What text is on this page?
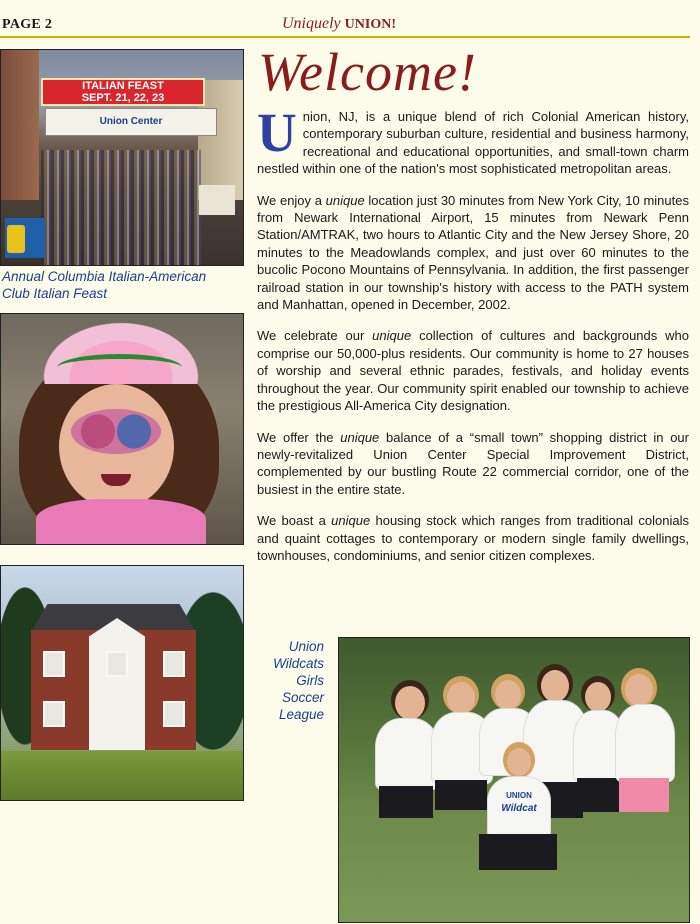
PAGE 2	Uniquely UNION!
Welcome!
ITALIAN FEAST
SEPT. 21, 22, 23
Union Center
Annual Columbia Italian-American
Club Italian Feast

Union, NJ, is a unique blend of rich Colonial American history, contemporary suburban culture, residential and business harmony, recreational and educational opportunities, and small-town charm nestled within one of the nation's most sophisticated metropolitan areas.

We enjoy a unique location just 30 minutes from New York City, 10 minutes from Newark International Airport, 15 minutes from Newark Penn Station/AMTRAK, two hours to Atlantic City and the New Jersey Shore, 20 minutes to the Meadowlands complex, and just over 60 minutes to the bucolic Pocono Mountains of Pennsylvania. In addition, the first passenger railroad station in our township's history with access to the PATH system and Manhattan, opened in December, 2002.

We celebrate our unique collection of cultures and backgrounds who comprise our 50,000-plus residents. Our community is home to 27 houses of worship and several ethnic parades, festivals, and holiday events throughout the year. Our community spirit enabled our township to achieve the prestigious All-America City designation.

We offer the unique balance of a “small town” shopping district in our newly-revitalized Union Center Special Improvement District, complemented by our bustling Route 22 commercial corridor, one of the busiest in the entire state.

We boast a unique housing stock which ranges from traditional colonials and quaint cottages to contemporary or modern single family dwellings, townhouses, condominiums, and senior citizen complexes.

Union
Wildcats
Girls
Soccer
League
UNION
Wildcat
